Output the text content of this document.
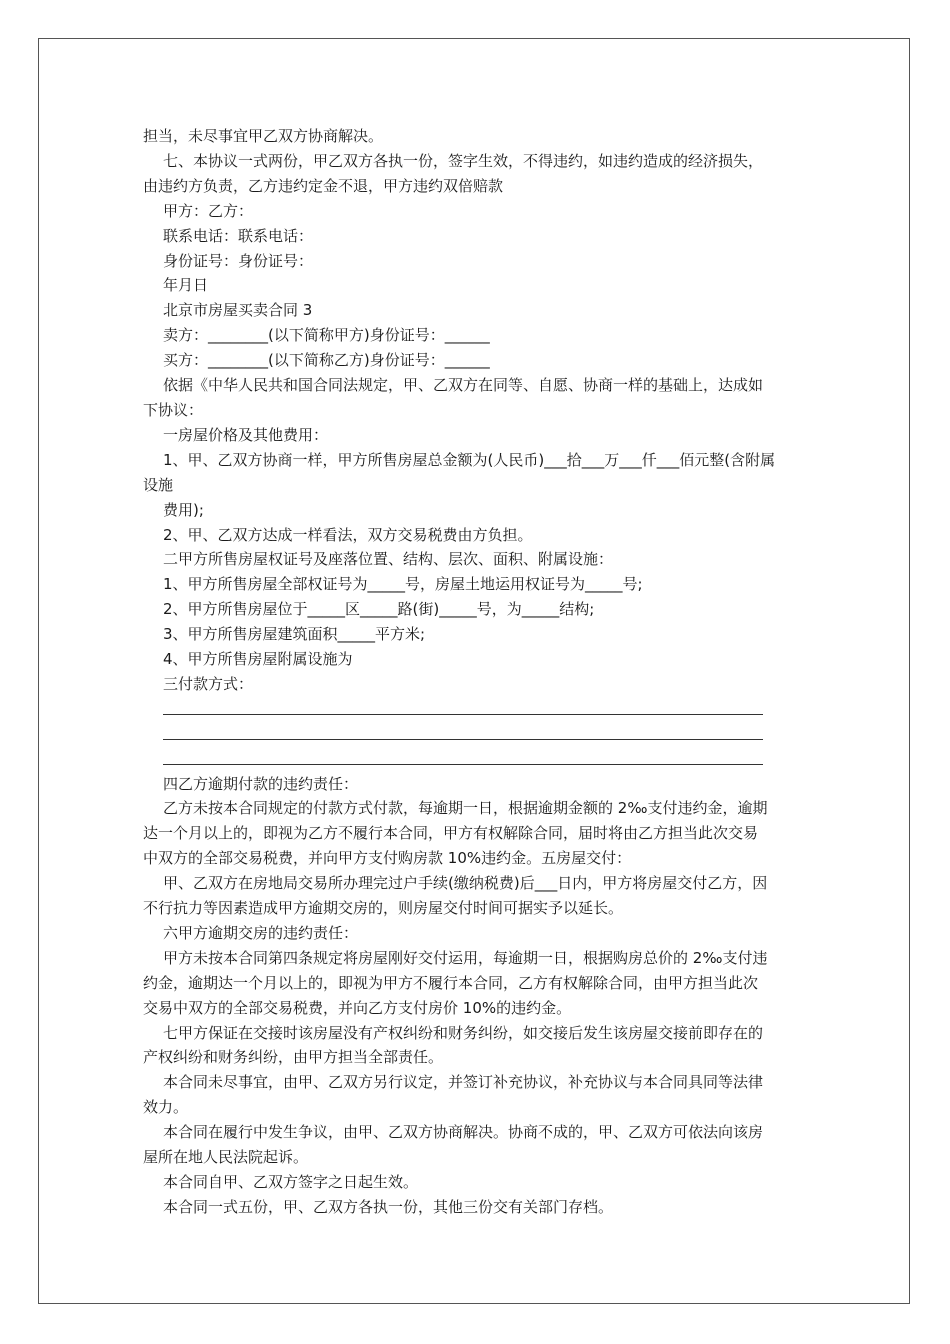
担当，未尽事宜甲乙双方协商解决。
七、本协议一式两份，甲乙双方各执一份，签字生效，不得违约，如违约造成的经济损失，
由违约方负责，乙方违约定金不退，甲方违约双倍赔款
甲方：乙方：
联系电话：联系电话：
身份证号：身份证号：
年月日
北京市房屋买卖合同 3
卖方：________(以下简称甲方)身份证号：______
买方：________(以下简称乙方)身份证号：______
依据《中华人民共和国合同法规定，甲、乙双方在同等、自愿、协商一样的基础上，达成如
下协议：
一房屋价格及其他费用：
1、甲、乙双方协商一样，甲方所售房屋总金额为(人民币)___拾___万___仟___佰元整(含附属
设施
费用);
2、甲、乙双方达成一样看法，双方交易税费由方负担。
二甲方所售房屋权证号及座落位置、结构、层次、面积、附属设施：
1、甲方所售房屋全部权证号为_____号，房屋土地运用权证号为_____号;
2、甲方所售房屋位于_____区_____路(街)_____号，为_____结构;
3、甲方所售房屋建筑面积_____平方米;
4、甲方所售房屋附属设施为
三付款方式：
四乙方逾期付款的违约责任：
乙方未按本合同规定的付款方式付款，每逾期一日，根据逾期金额的 2‰支付违约金，逾期
达一个月以上的，即视为乙方不履行本合同，甲方有权解除合同，届时将由乙方担当此次交易
中双方的全部交易税费，并向甲方支付购房款 10%违约金。五房屋交付：
甲、乙双方在房地局交易所办理完过户手续(缴纳税费)后___日内，甲方将房屋交付乙方，因
不行抗力等因素造成甲方逾期交房的，则房屋交付时间可据实予以延长。
六甲方逾期交房的违约责任：
甲方未按本合同第四条规定将房屋刚好交付运用，每逾期一日，根据购房总价的 2‰支付违
约金，逾期达一个月以上的，即视为甲方不履行本合同，乙方有权解除合同，由甲方担当此次
交易中双方的全部交易税费，并向乙方支付房价 10%的违约金。
七甲方保证在交接时该房屋没有产权纠纷和财务纠纷，如交接后发生该房屋交接前即存在的
产权纠纷和财务纠纷，由甲方担当全部责任。
本合同未尽事宜，由甲、乙双方另行议定，并签订补充协议，补充协议与本合同具同等法律
效力。
本合同在履行中发生争议，由甲、乙双方协商解决。协商不成的，甲、乙双方可依法向该房
屋所在地人民法院起诉。
本合同自甲、乙双方签字之日起生效。
本合同一式五份，甲、乙双方各执一份，其他三份交有关部门存档。
